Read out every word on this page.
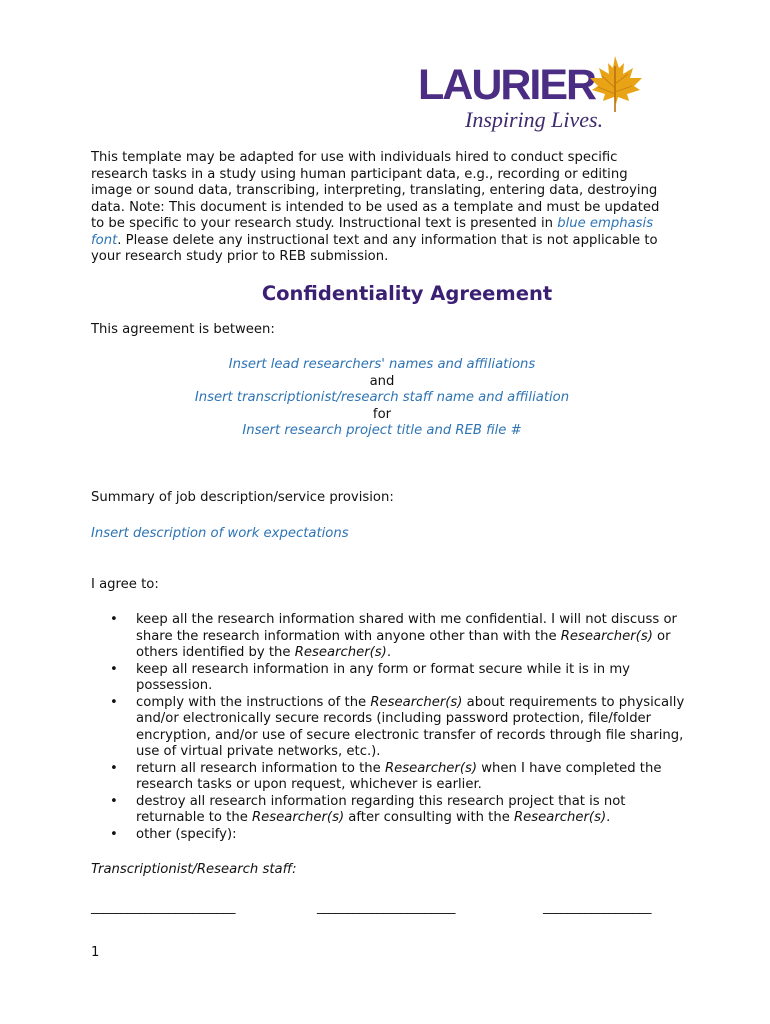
LAURIER
Inspiring Lives.

This template may be adapted for use with individuals hired to conduct specific research tasks in a study using human participant data, e.g., recording or editing image or sound data, transcribing, interpreting, translating, entering data, destroying data. Note: This document is intended to be used as a template and must be updated to be specific to your research study. Instructional text is presented in blue emphasis font. Please delete any instructional text and any information that is not applicable to your research study prior to REB submission.

Confidentiality Agreement

This agreement is between:

Insert lead researchers' names and affiliations
and
Insert transcriptionist/research staff name and affiliation
for
Insert research project title and REB file #

Summary of job description/service provision:

Insert description of work expectations

I agree to:

• keep all the research information shared with me confidential. I will not discuss or share the research information with anyone other than with the Researcher(s) or others identified by the Researcher(s).
• keep all research information in any form or format secure while it is in my possession.
• comply with the instructions of the Researcher(s) about requirements to physically and/or electronically secure records (including password protection, file/folder encryption, and/or use of secure electronic transfer of records through file sharing, use of virtual private networks, etc.).
• return all research information to the Researcher(s) when I have completed the research tasks or upon request, whichever is earlier.
• destroy all research information regarding this research project that is not returnable to the Researcher(s) after consulting with the Researcher(s).
• other (specify):

Transcriptionist/Research staff:

________________________	_______________________	__________________

1
